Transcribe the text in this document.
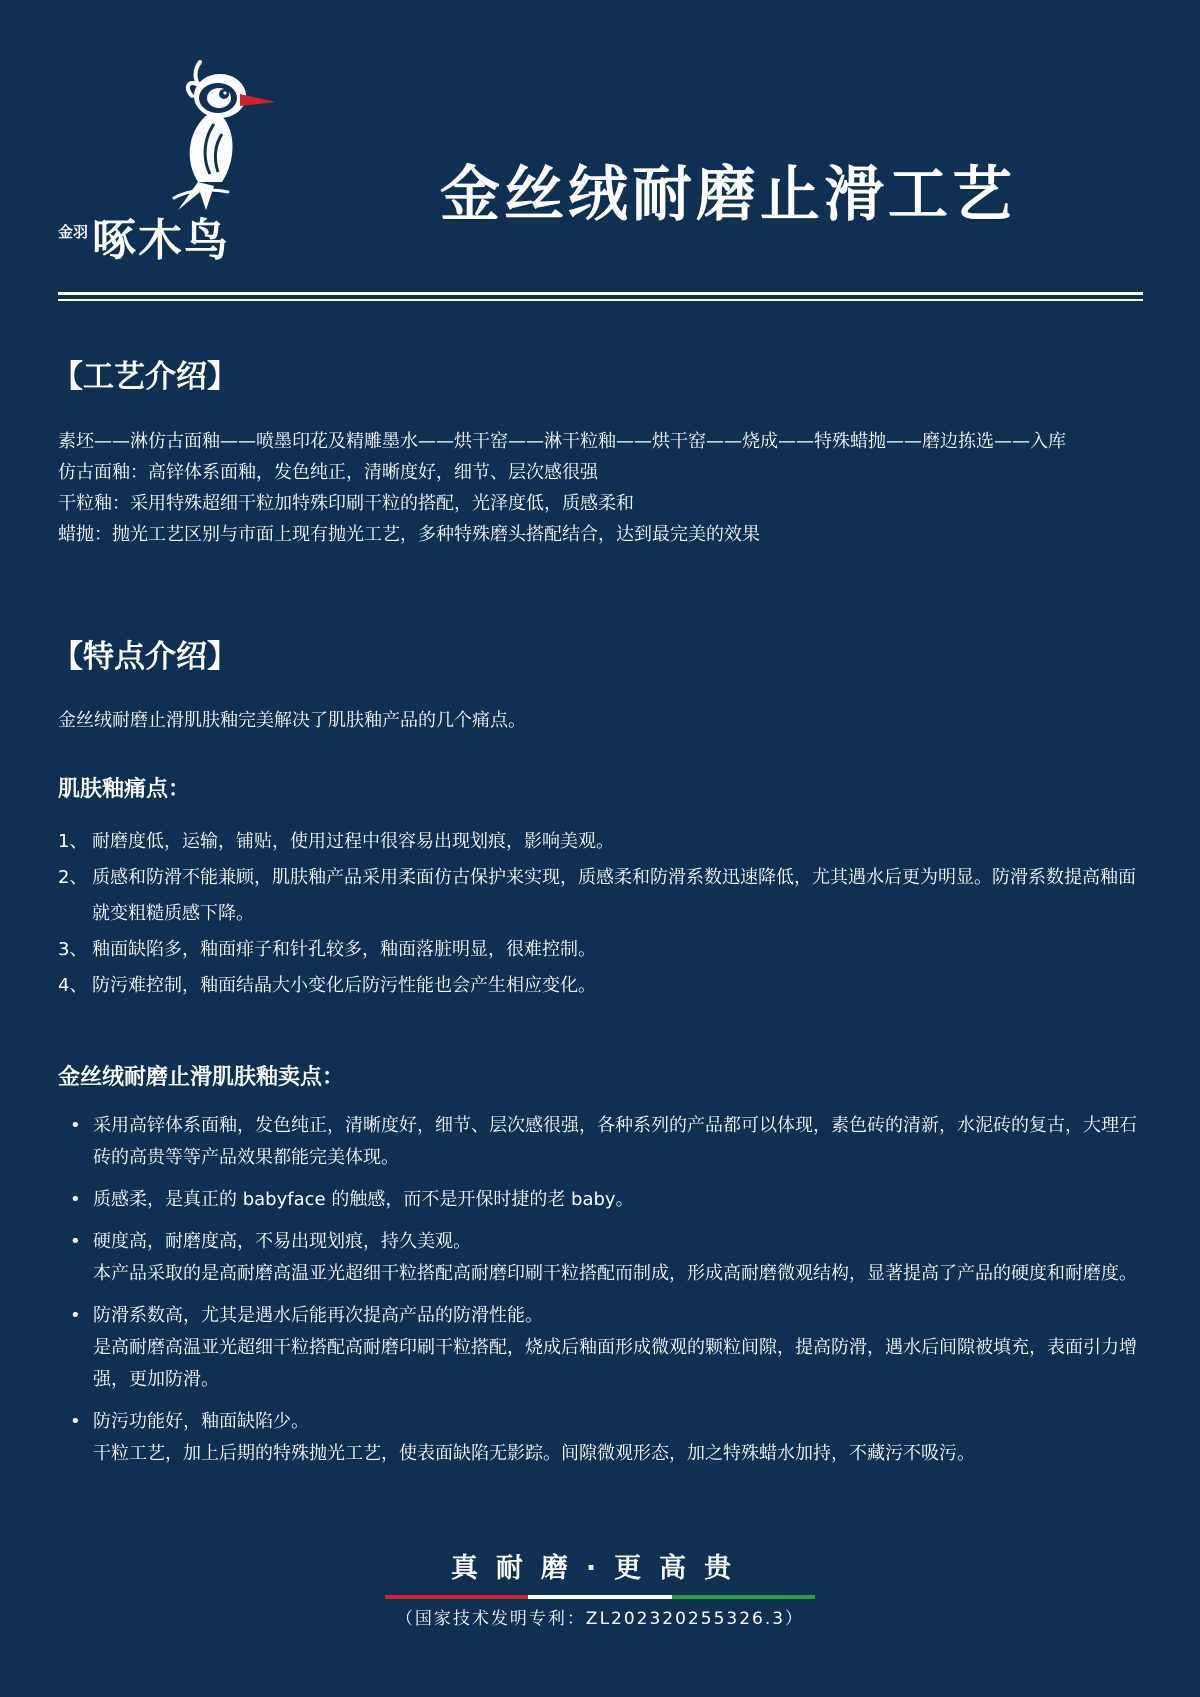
金羽 啄木鸟
金丝绒耐磨止滑工艺
【工艺介绍】

素坯——淋仿古面釉——喷墨印花及精雕墨水——烘干窑——淋干粒釉——烘干窑——烧成——特殊蜡抛——磨边拣选——入库

仿古面釉：高锌体系面釉，发色纯正，清晰度好，细节、层次感很强

干粒釉：采用特殊超细干粒加特殊印刷干粒的搭配，光泽度低，质感柔和

蜡抛：抛光工艺区别与市面上现有抛光工艺，多种特殊磨头搭配结合，达到最完美的效果

【特点介绍】
金丝绒耐磨止滑肌肤釉完美解决了肌肤釉产品的几个痛点。
肌肤釉痛点：
1、 耐磨度低，运输，铺贴，使用过程中很容易出现划痕，影响美观。
2、 质感和防滑不能兼顾，肌肤釉产品采用柔面仿古保护来实现，质感柔和防滑系数迅速降低，尤其遇水后更为明显。防滑系数提高釉面就变粗糙质感下降。
3、 釉面缺陷多，釉面痱子和针孔较多，釉面落脏明显，很难控制。
4、 防污难控制，釉面结晶大小变化后防污性能也会产生相应变化。
金丝绒耐磨止滑肌肤釉卖点：
• 采用高锌体系面釉，发色纯正，清晰度好，细节、层次感很强，各种系列的产品都可以体现，素色砖的清新，水泥砖的复古，大理石砖的高贵等等产品效果都能完美体现。
• 质感柔，是真正的 babyface 的触感，而不是开保时捷的老 baby。
• 硬度高，耐磨度高，不易出现划痕，持久美观。
本产品采取的是高耐磨高温亚光超细干粒搭配高耐磨印刷干粒搭配而制成，形成高耐磨微观结构，显著提高了产品的硬度和耐磨度。
• 防滑系数高，尤其是遇水后能再次提高产品的防滑性能。
是高耐磨高温亚光超细干粒搭配高耐磨印刷干粒搭配，烧成后釉面形成微观的颗粒间隙，提高防滑，遇水后间隙被填充，表面引力增强，更加防滑。
• 防污功能好，釉面缺陷少。
干粒工艺，加上后期的特殊抛光工艺，使表面缺陷无影踪。间隙微观形态，加之特殊蜡水加持，不藏污不吸污。
真耐磨·更高贵
（国家技术发明专利：ZL202320255326.3）
